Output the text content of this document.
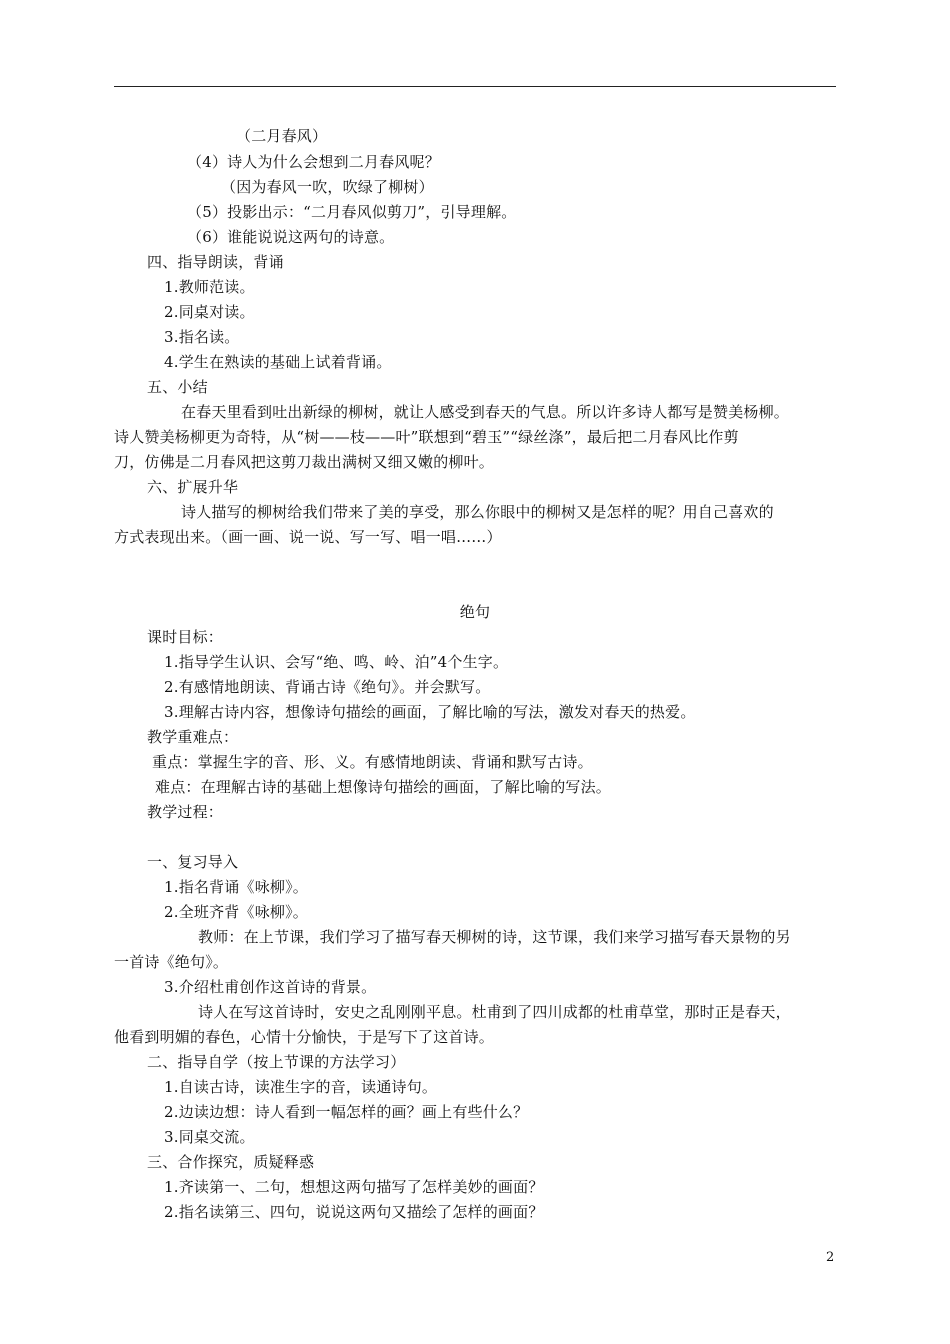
（二月春风）
（4）诗人为什么会想到二月春风呢？
（因为春风一吹，吹绿了柳树）
（5）投影出示：“二月春风似剪刀”，引导理解。
（6）谁能说说这两句的诗意。
四、指导朗读，背诵
1.教师范读。
2.同桌对读。
3.指名读。
4.学生在熟读的基础上试着背诵。
五、小结
在春天里看到吐出新绿的柳树，就让人感受到春天的气息。所以许多诗人都写是赞美杨柳。
诗人赞美杨柳更为奇特，从“树——枝——叶”联想到“碧玉”“绿丝涤”，最后把二月春风比作剪
刀，仿佛是二月春风把这剪刀裁出满树又细又嫩的柳叶。
六、扩展升华
诗人描写的柳树给我们带来了美的享受，那么你眼中的柳树又是怎样的呢？用自己喜欢的
方式表现出来。（画一画、说一说、写一写、唱一唱……）
绝句
课时目标：
1.指导学生认识、会写“绝、鸣、岭、泊”4个生字。
2.有感情地朗读、背诵古诗《绝句》。并会默写。
3.理解古诗内容，想像诗句描绘的画面，了解比喻的写法，激发对春天的热爱。
教学重难点：
重点：掌握生字的音、形、义。有感情地朗读、背诵和默写古诗。
难点：在理解古诗的基础上想像诗句描绘的画面，了解比喻的写法。
教学过程：
一、复习导入
1.指名背诵《咏柳》。
2.全班齐背《咏柳》。
教师：在上节课，我们学习了描写春天柳树的诗，这节课，我们来学习描写春天景物的另
一首诗《绝句》。
3.介绍杜甫创作这首诗的背景。
诗人在写这首诗时，安史之乱刚刚平息。杜甫到了四川成都的杜甫草堂，那时正是春天，
他看到明媚的春色，心情十分愉快，于是写下了这首诗。
二、指导自学（按上节课的方法学习）
1.自读古诗，读准生字的音，读通诗句。
2.边读边想：诗人看到一幅怎样的画？画上有些什么？
3.同桌交流。
三、合作探究，质疑释惑
1.齐读第一、二句，想想这两句描写了怎样美妙的画面？
2.指名读第三、四句，说说这两句又描绘了怎样的画面？
2
